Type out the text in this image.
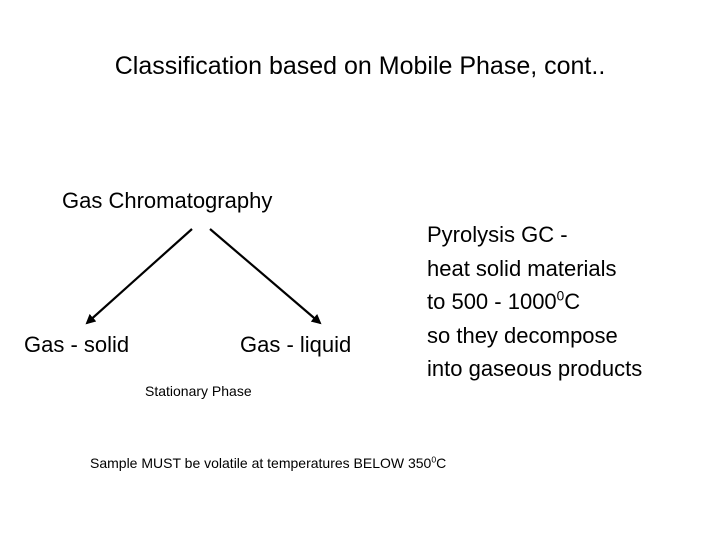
Classification based on Mobile Phase, cont..
Gas Chromatography
Gas - solid	Gas - liquid
Stationary Phase
Pyrolysis GC -
heat solid materials
to 500 - 1000$^0$C
so they decompose
into gaseous products
Sample MUST be volatile at temperatures BELOW $350^0C$
